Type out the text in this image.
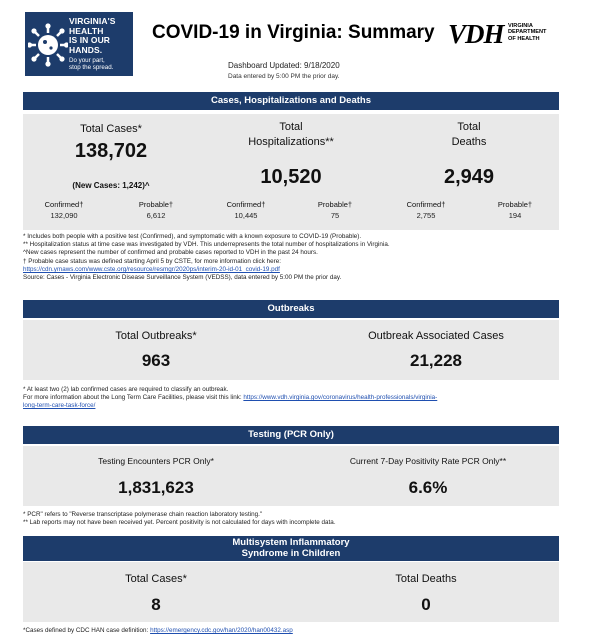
VIRGINIA'S
HEALTH
IS IN OUR
HANDS.
Do your part,
stop the spread.
COVID-19 in Virginia: Summary VDH VIRGINIA
DEPARTMENT
OF HEALTH
Dashboard Updated: 9/18/2020
Data entered by 5:00 PM the prior day.
Cases, Hospitalizations and Deaths
Total Cases*
138,702
(New Cases: 1,242)^
Total
Hospitalizations**
10,520
Total
Deaths
2,949
Confirmed†
132,090
Probable†
6,612
Confirmed†
10,445
Probable†
75
Confirmed†
2,755
Probable†
194
* Includes both people with a positive test (Confirmed), and symptomatic with a known exposure to COVID-19 (Probable).
** Hospitalization status at time case was investigated by VDH. This underrepresents the total number of hospitalizations in Virginia.
^New cases represent the number of confirmed and probable cases reported to VDH in the past 24 hours.
† Probable case status was defined starting April 5 by CSTE, for more information click here:
https://cdn.ymaws.com/www.cste.org/resource/resmgr/2020ps/interim-20-id-01_covid-19.pdf
Source: Cases - Virginia Electronic Disease Surveillance System (VEDSS), data entered by 5:00 PM the prior day.
Outbreaks
Total Outbreaks*
963
Outbreak Associated Cases
21,228
* At least two (2) lab confirmed cases are required to classify an outbreak.
For more information about the Long Term Care Facilities, please visit this link: https://www.vdh.virginia.gov/coronavirus/health-professionals/virginia-
long-term-care-task-force/
Testing (PCR Only)
Testing Encounters PCR Only*
1,831,623
Current 7-Day Positivity Rate PCR Only**
6.6%
* PCR" refers to "Reverse transcriptase polymerase chain reaction laboratory testing."
** Lab reports may not have been received yet. Percent positivity is not calculated for days with incomplete data.
Multisystem Inflammatory
Syndrome in Children
Total Cases*
8
Total Deaths
0
*Cases defined by CDC HAN case definition: https://emergency.cdc.gov/han/2020/han00432.asp
